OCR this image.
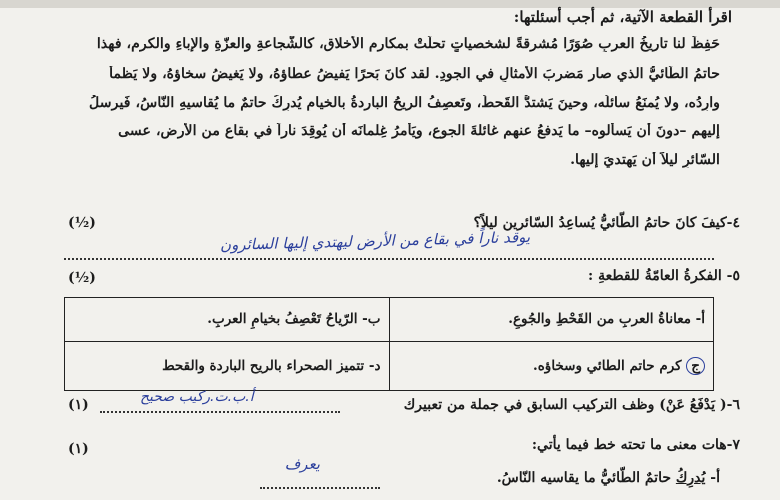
اقرأ القطعة الآتية، ثم أجب أسئلتها:
حَفِظَ لنا تاريخُ العربِ صُوَرًا مُشرقةً لشخصياتٍ تحلّتْ بمكارمِ الأخلاقِ، كالشّجاعةِ والعزّةِ والإباءِ والكرمِ، فهذا
حاتمُ الطّائيُّ الذي صار مَضربَ الأمثالِ في الجودِ. لقد كانَ بَحرًا يَفيضُ عطاؤهُ، ولا يَغيضُ سخاؤهُ، ولا يَظمأُ
وارِدُه، ولا يُمنَعُ سائلُه، وحينَ يَشتدُّ القَحطُ، وتَعصِفُ الريحُ الباردةُ بالخيامِ يُدرِكُ حاتمٌ ما يُقاسيهِ النّاسُ، فَيرسلُ
إليهم –دونَ أن يَسألوه– ما يَدفعُ عنهم غائلةَ الجوعِ، ويَأمرُ غِلمانَه أن يُوقِدَ ناراً في بقاعٍ من الأرضِ، عسى
السّائرِ ليلاً أن يَهتديَ إليها.
٤-كيفَ كانَ حاتمُ الطّائيُّ يُساعِدُ السّائرين ليلاً؟
(½)
يوقد ناراً في بقاع من الأرض ليهتدي إليها السائرون
٥- الفكرةُ العامّةُ للقطعةِ :
(½)
أ- معاناةُ العربِ من القَحْطِ والجُوعِ.	ب- الرّياحُ تَعْصِفُ بخيامِ العربِ.
ج كرم حاتم الطائي وسخاؤه.	د- تتميز الصحراء بالريح الباردة والقحط
٦-( يَدْفَعُ عَنْ) وظف التركيب السابق في جملة من تعبيرك
(١)	أ.ب.ت.ركيب صحيح
٧-هات معنى ما تحته خط فيما يأتي:
(١)
يعرف
أ- يُدرِكُ حاتمٌ الطّائيُّ ما يقاسيه النّاسُ.
